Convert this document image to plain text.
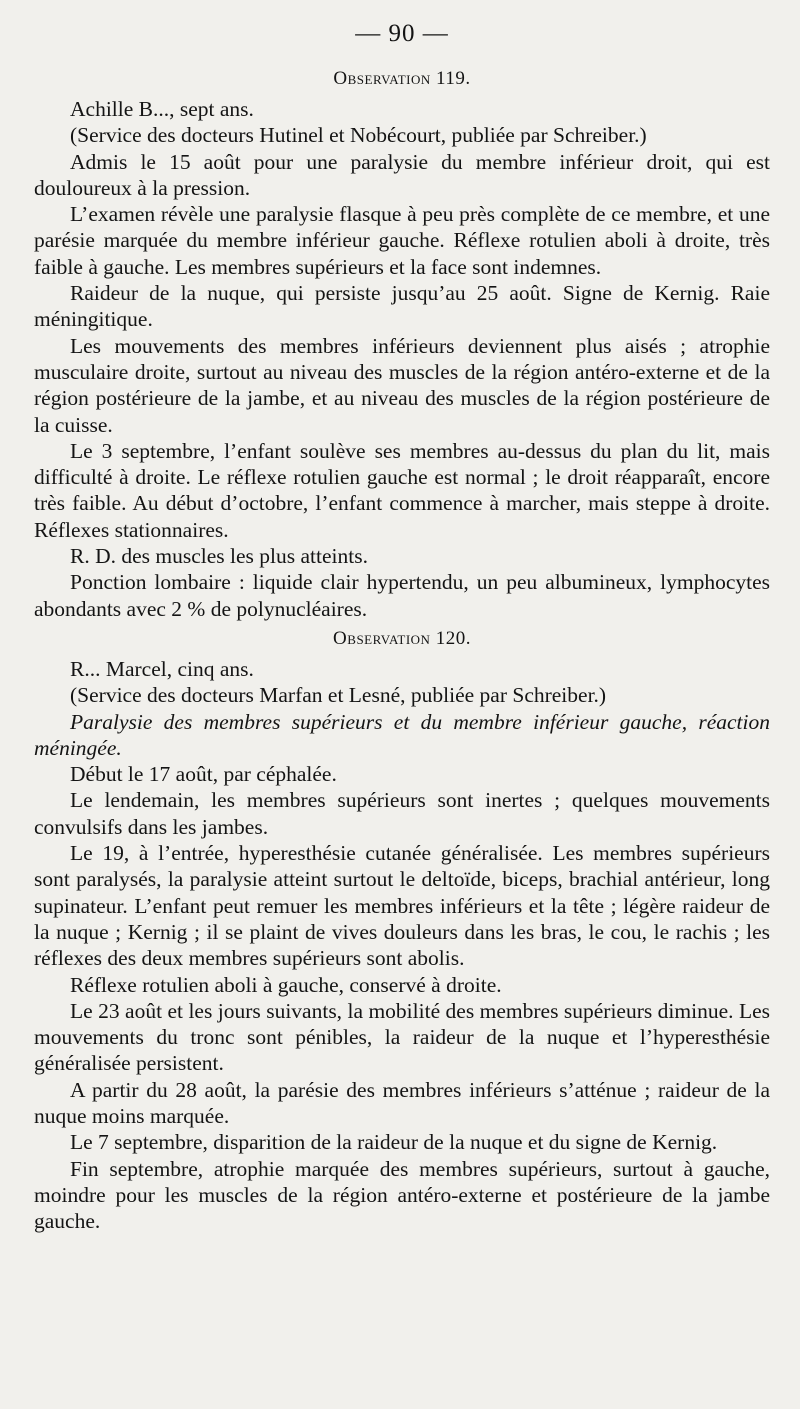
— 90 —
Observation 119.

Achille B..., sept ans.

(Service des docteurs Hutinel et Nobécourt, publiée par Schreiber.)

Admis le 15 août pour une paralysie du membre inférieur droit, qui est douloureux à la pression.

L’examen révèle une paralysie flasque à peu près complète de ce membre, et une parésie marquée du membre inférieur gauche. Réflexe rotulien aboli à droite, très faible à gauche. Les membres supérieurs et la face sont indemnes.

Raideur de la nuque, qui persiste jusqu’au 25 août. Signe de Kernig. Raie méningitique.

Les mouvements des membres inférieurs deviennent plus aisés ; atrophie musculaire droite, surtout au niveau des muscles de la région antéro-externe et de la région postérieure de la jambe, et au niveau des muscles de la région postérieure de la cuisse.

Le 3 septembre, l’enfant soulève ses membres au-dessus du plan du lit, mais difficulté à droite. Le réflexe rotulien gauche est normal ; le droit réapparaît, encore très faible. Au début d’octobre, l’enfant commence à marcher, mais steppe à droite. Réflexes stationnaires.

R. D. des muscles les plus atteints.

Ponction lombaire : liquide clair hypertendu, un peu albumineux, lymphocytes abondants avec 2 % de polynucléaires.

Observation 120.

R... Marcel, cinq ans.

(Service des docteurs Marfan et Lesné, publiée par Schreiber.)

Paralysie des membres supérieurs et du membre inférieur gauche, réaction méningée.

Début le 17 août, par céphalée.

Le lendemain, les membres supérieurs sont inertes ; quelques mouvements convulsifs dans les jambes.

Le 19, à l’entrée, hyperesthésie cutanée généralisée. Les membres supérieurs sont paralysés, la paralysie atteint surtout le deltoïde, biceps, brachial antérieur, long supinateur. L’enfant peut remuer les membres inférieurs et la tête ; légère raideur de la nuque ; Kernig ; il se plaint de vives douleurs dans les bras, le cou, le rachis ; les réflexes des deux membres supérieurs sont abolis.

Réflexe rotulien aboli à gauche, conservé à droite.

Le 23 août et les jours suivants, la mobilité des membres supérieurs diminue. Les mouvements du tronc sont pénibles, la raideur de la nuque et l’hyperesthésie généralisée persistent.

A partir du 28 août, la parésie des membres inférieurs s’atténue ; raideur de la nuque moins marquée.

Le 7 septembre, disparition de la raideur de la nuque et du signe de Kernig.

Fin septembre, atrophie marquée des membres supérieurs, surtout à gauche, moindre pour les muscles de la région antéro-externe et postérieure de la jambe gauche.
